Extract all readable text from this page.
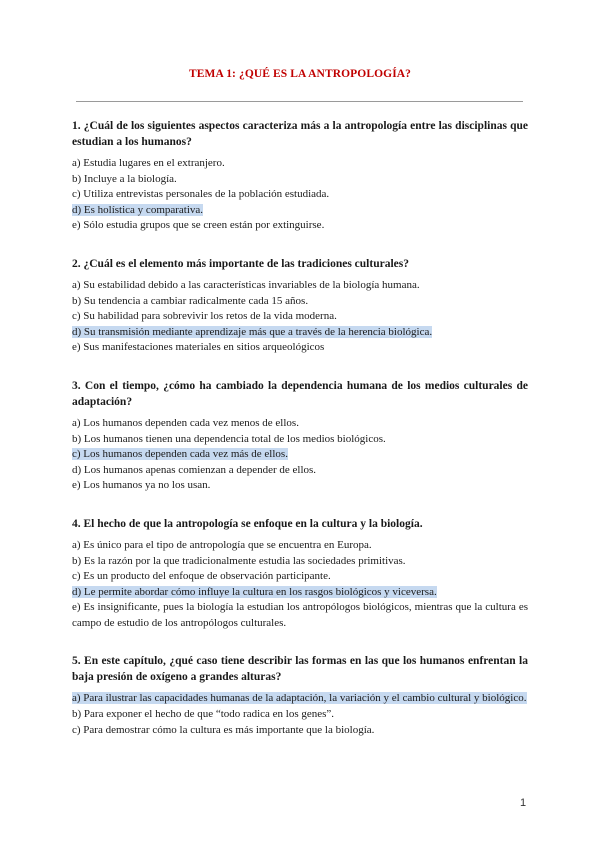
TEMA 1: ¿QUÉ ES LA ANTROPOLOGÍA?
1. ¿Cuál de los siguientes aspectos caracteriza más a la antropología entre las disciplinas que estudian a los humanos?
a) Estudia lugares en el extranjero.
b) Incluye a la biología.
c) Utiliza entrevistas personales de la población estudiada.
d) Es holística y comparativa.
e) Sólo estudia grupos que se creen están por extinguirse.
2. ¿Cuál es el elemento más importante de las tradiciones culturales?
a) Su estabilidad debido a las características invariables de la biología humana.
b) Su tendencia a cambiar radicalmente cada 15 años.
c) Su habilidad para sobrevivir los retos de la vida moderna.
d) Su transmisión mediante aprendizaje más que a través de la herencia biológica.
e) Sus manifestaciones materiales en sitios arqueológicos
3. Con el tiempo, ¿cómo ha cambiado la dependencia humana de los medios culturales de adaptación?
a) Los humanos dependen cada vez menos de ellos.
b) Los humanos tienen una dependencia total de los medios biológicos.
c) Los humanos dependen cada vez más de ellos.
d) Los humanos apenas comienzan a depender de ellos.
e) Los humanos ya no los usan.
4. El hecho de que la antropología se enfoque en la cultura y la biología.
a) Es único para el tipo de antropología que se encuentra en Europa.
b) Es la razón por la que tradicionalmente estudia las sociedades primitivas.
c) Es un producto del enfoque de observación participante.
d) Le permite abordar cómo influye la cultura en los rasgos biológicos y viceversa.
e) Es insignificante, pues la biología la estudian los antropólogos biológicos, mientras que la cultura es campo de estudio de los antropólogos culturales.
5. En este capítulo, ¿qué caso tiene describir las formas en las que los humanos enfrentan la baja presión de oxígeno a grandes alturas?
a) Para ilustrar las capacidades humanas de la adaptación, la variación y el cambio cultural y biológico.
b) Para exponer el hecho de que “todo radica en los genes”.
c) Para demostrar cómo la cultura es más importante que la biología.
1
